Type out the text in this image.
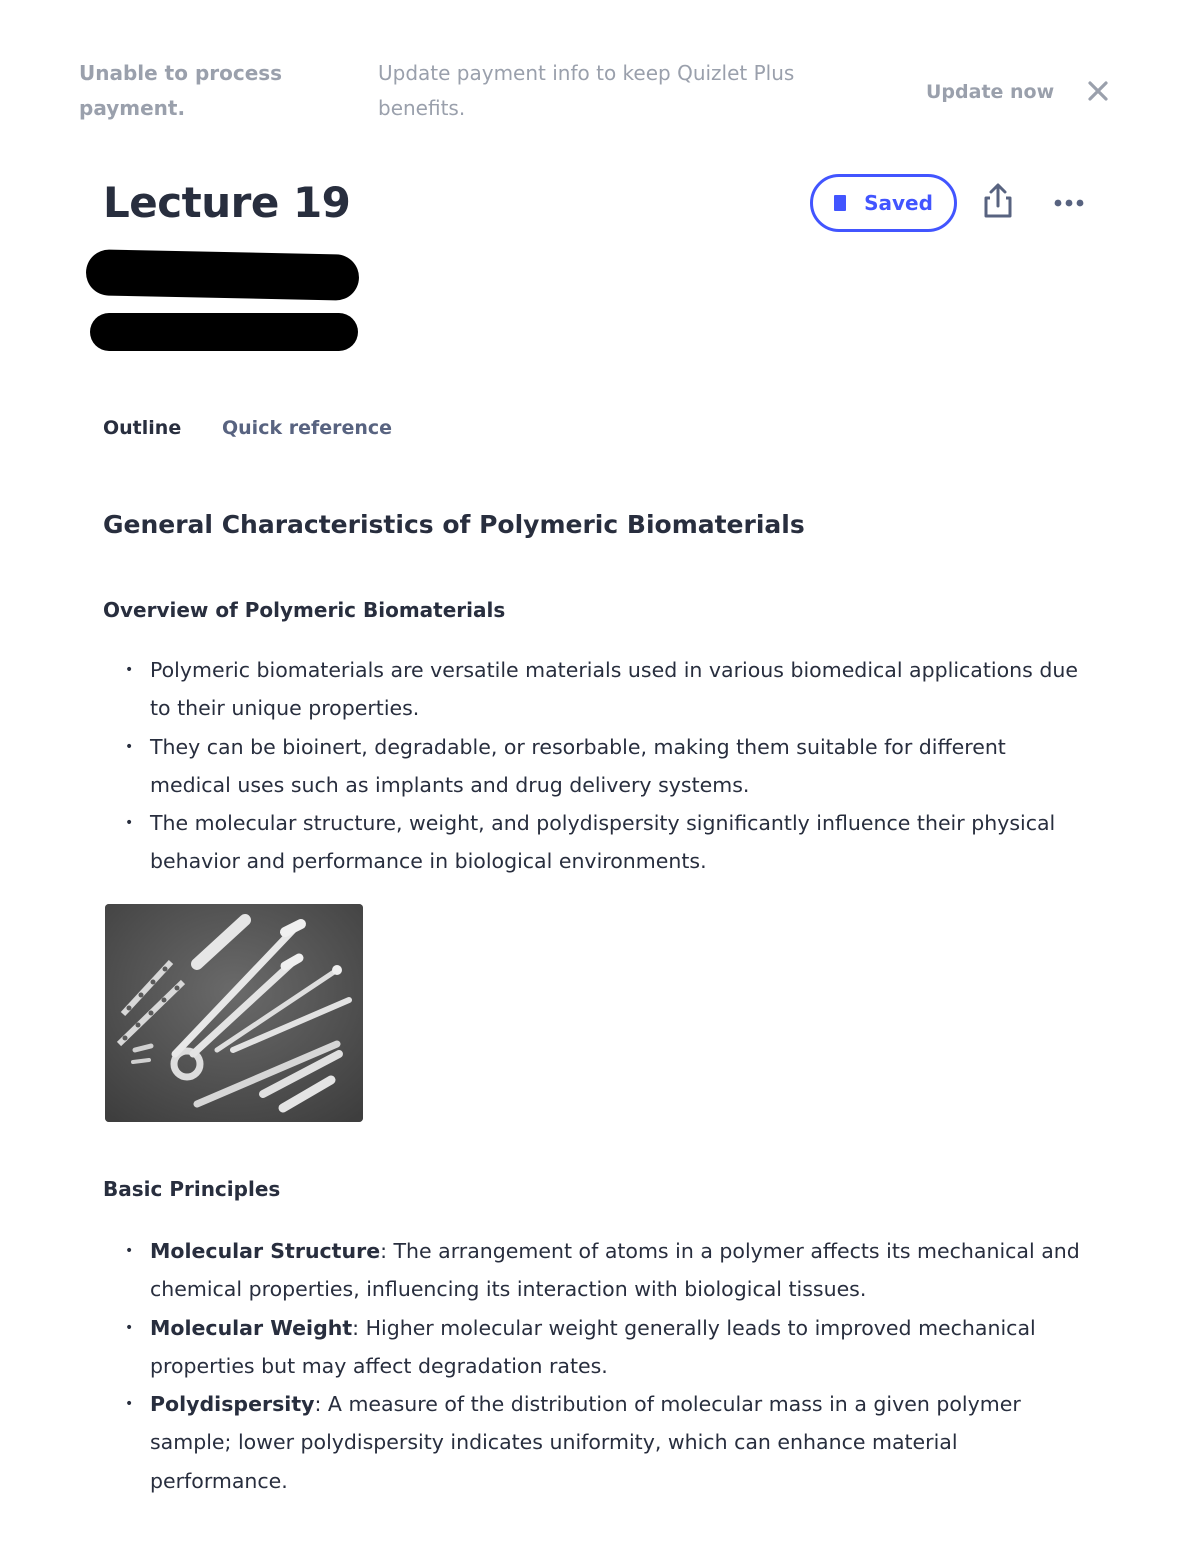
Unable to process payment.
Update payment info to keep Quizlet Plus benefits.
Update now
Lecture 19	Saved
Outline Quick reference
General Characteristics of Polymeric Biomaterials
Overview of Polymeric Biomaterials
• Polymeric biomaterials are versatile materials used in various biomedical applications due to their unique properties.
• They can be bioinert, degradable, or resorbable, making them suitable for different medical uses such as implants and drug delivery systems.
• The molecular structure, weight, and polydispersity significantly influence their physical behavior and performance in biological environments.
Basic Principles
• Molecular Structure: The arrangement of atoms in a polymer affects its mechanical and chemical properties, influencing its interaction with biological tissues.
• Molecular Weight: Higher molecular weight generally leads to improved mechanical properties but may affect degradation rates.
• Polydispersity: A measure of the distribution of molecular mass in a given polymer sample; lower polydispersity indicates uniformity, which can enhance material performance.
